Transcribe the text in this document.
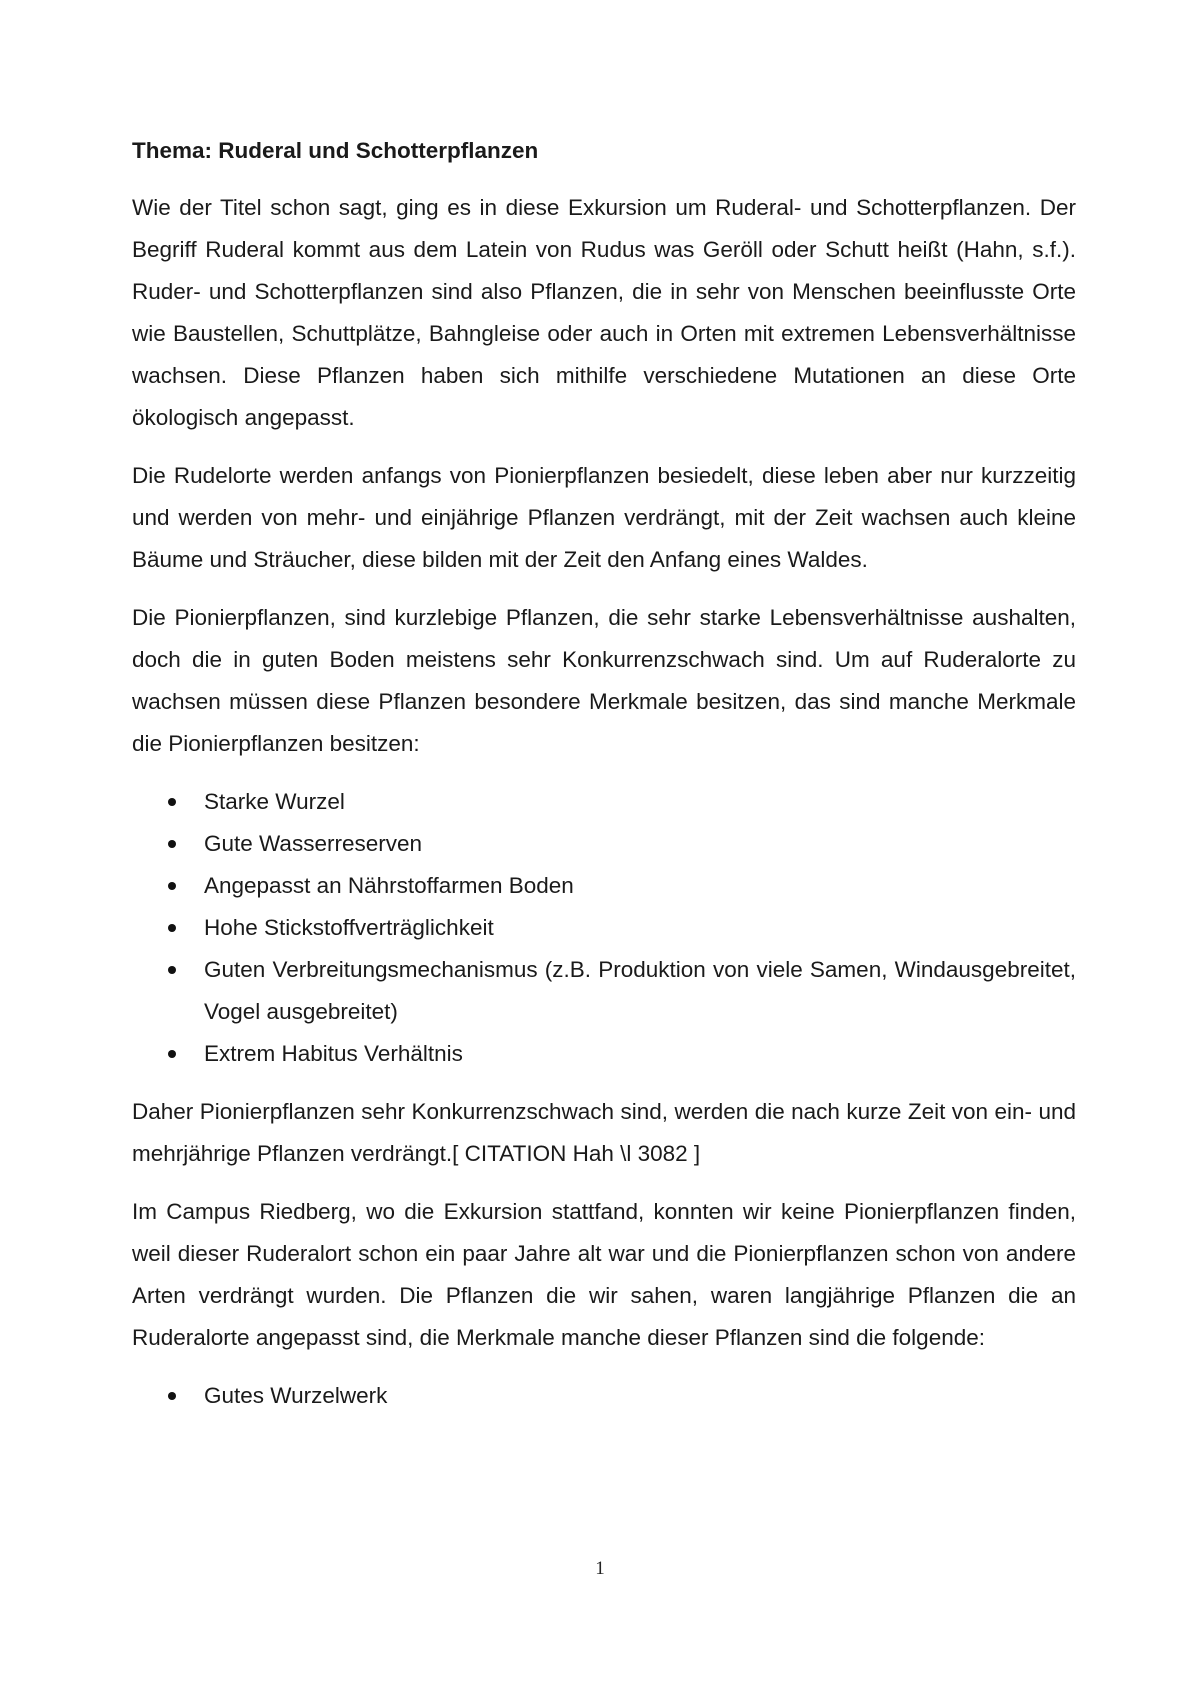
Thema: Ruderal und Schotterpflanzen

Wie der Titel schon sagt, ging es in diese Exkursion um Ruderal- und Schotterpflanzen. Der Begriff Ruderal kommt aus dem Latein von Rudus was Geröll oder Schutt heißt (Hahn, s.f.). Ruder- und Schotterpflanzen sind also Pflanzen, die in sehr von Menschen beeinflusste Orte wie Baustellen, Schuttplätze, Bahngleise oder auch in Orten mit extremen Lebensverhältnisse wachsen. Diese Pflanzen haben sich mithilfe verschiedene Mutationen an diese Orte ökologisch angepasst.

Die Rudelorte werden anfangs von Pionierpflanzen besiedelt, diese leben aber nur kurzzeitig und werden von mehr- und einjährige Pflanzen verdrängt, mit der Zeit wachsen auch kleine Bäume und Sträucher, diese bilden mit der Zeit den Anfang eines Waldes.

Die Pionierpflanzen, sind kurzlebige Pflanzen, die sehr starke Lebensverhältnisse aushalten, doch die in guten Boden meistens sehr Konkurrenzschwach sind. Um auf Ruderalorte zu wachsen müssen diese Pflanzen besondere Merkmale besitzen, das sind manche Merkmale die Pionierpflanzen besitzen:

Starke Wurzel
Gute Wasserreserven
Angepasst an Nährstoffarmen Boden
Hohe Stickstoffverträglichkeit
Guten Verbreitungsmechanismus (z.B. Produktion von viele Samen, Windausgebreitet, Vogel ausgebreitet)
Extrem Habitus Verhältnis

Daher Pionierpflanzen sehr Konkurrenzschwach sind, werden die nach kurze Zeit von ein- und mehrjährige Pflanzen verdrängt.[ CITATION Hah \l 3082 ]

Im Campus Riedberg, wo die Exkursion stattfand, konnten wir keine Pionierpflanzen finden, weil dieser Ruderalort schon ein paar Jahre alt war und die Pionierpflanzen schon von andere Arten verdrängt wurden. Die Pflanzen die wir sahen, waren langjährige Pflanzen die an Ruderalorte angepasst sind, die Merkmale manche dieser Pflanzen sind die folgende:

Gutes Wurzelwerk
1
